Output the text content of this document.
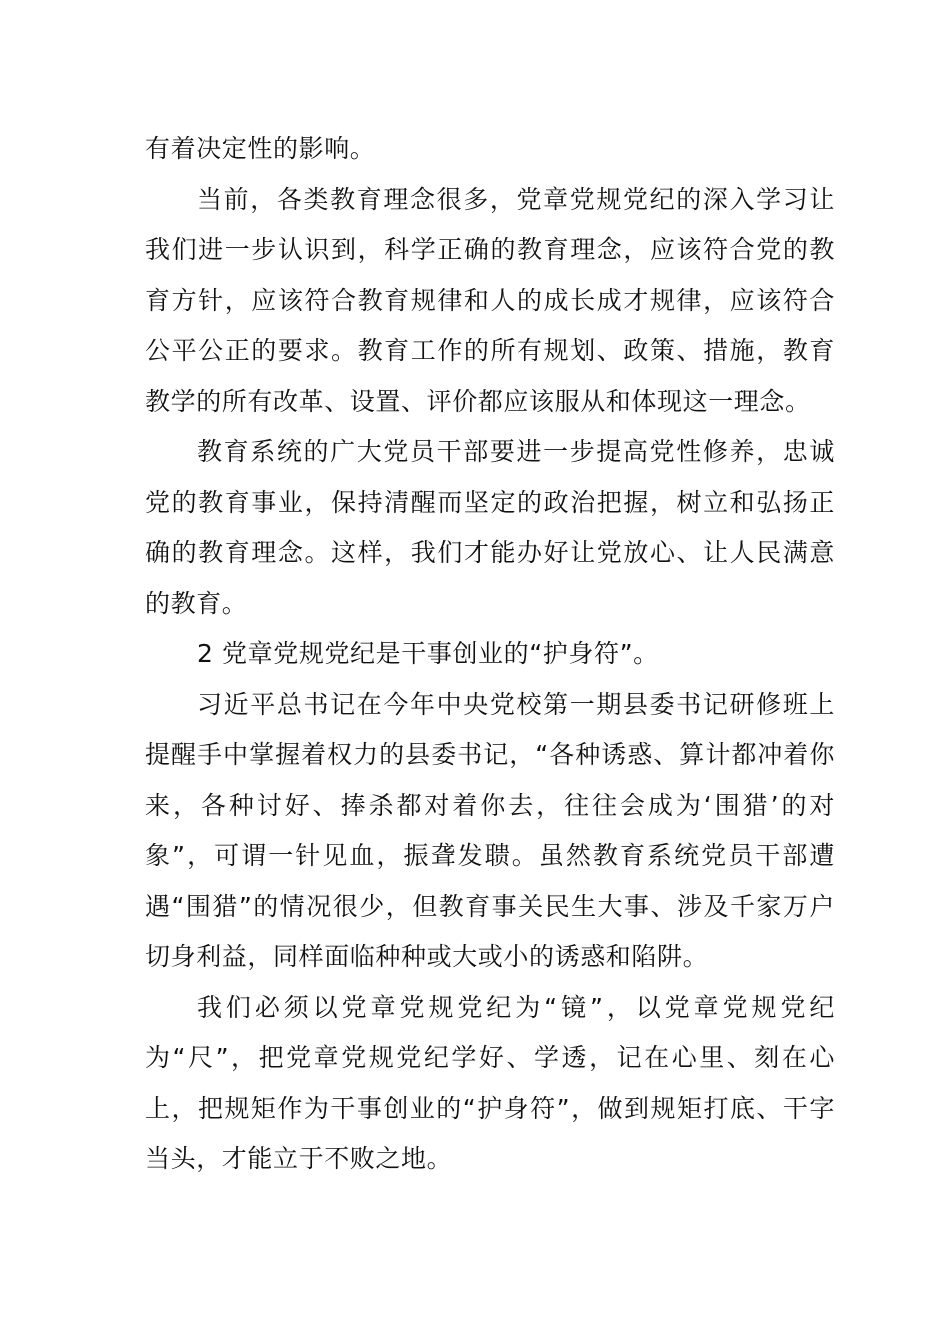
有着决定性的影响。

当前，各类教育理念很多，党章党规党纪的深入学习让我们进一步认识到，科学正确的教育理念，应该符合党的教育方针，应该符合教育规律和人的成长成才规律，应该符合公平公正的要求。教育工作的所有规划、政策、措施，教育教学的所有改革、设置、评价都应该服从和体现这一理念。

教育系统的广大党员干部要进一步提高党性修养，忠诚党的教育事业，保持清醒而坚定的政治把握，树立和弘扬正确的教育理念。这样，我们才能办好让党放心、让人民满意的教育。

2 党章党规党纪是干事创业的“护身符”。

习近平总书记在今年中央党校第一期县委书记研修班上提醒手中掌握着权力的县委书记，“各种诱惑、算计都冲着你来，各种讨好、捧杀都对着你去，往往会成为‘围猎’的对象”，可谓一针见血，振聋发聩。虽然教育系统党员干部遭遇“围猎”的情况很少，但教育事关民生大事、涉及千家万户切身利益，同样面临种种或大或小的诱惑和陷阱。

我们必须以党章党规党纪为“镜”，以党章党规党纪为“尺”，把党章党规党纪学好、学透，记在心里、刻在心上，把规矩作为干事创业的“护身符”，做到规矩打底、干字当头，才能立于不败之地。
